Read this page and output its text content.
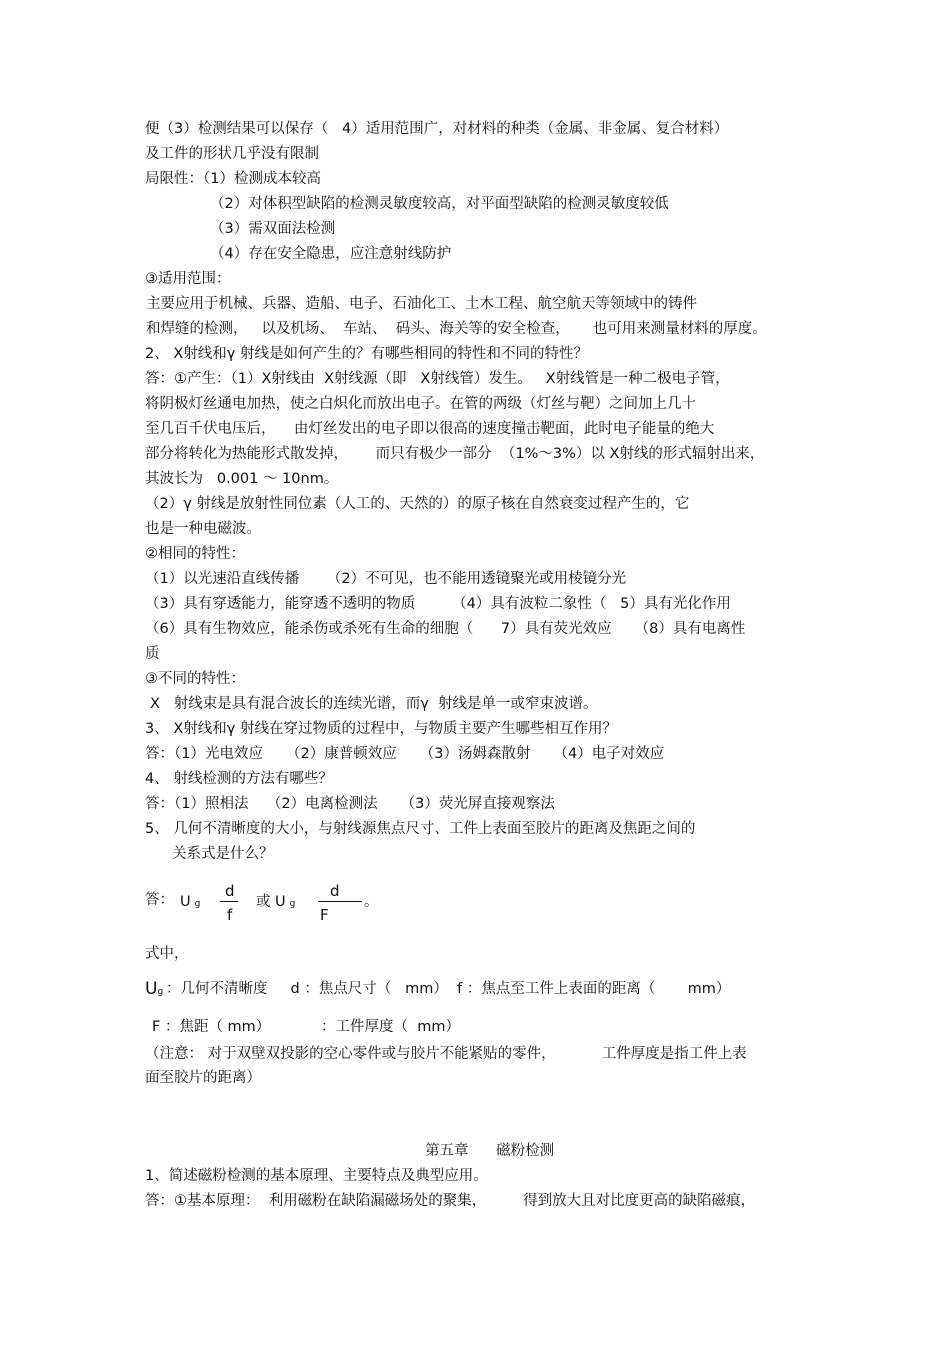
便（3）检测结果可以保存（   4）适用范围广，对材料的种类（金属、非金属、复合材料）
及工件的形状几乎没有限制
局限性：（1）检测成本较高
（2）对体积型缺陷的检测灵敏度较高，对平面型缺陷的检测灵敏度较低
（3）需双面法检测
（4）存在安全隐患，应注意射线防护
③适用范围：
主要应用于机械、兵器、造船、电子、石油化工、土木工程、航空航天等领域中的铸件
和焊缝的检测，   以及机场、  车站、  码头、海关等的安全检查，     也可用来测量材料的厚度。
2、 X射线和γ 射线是如何产生的？有哪些相同的特性和不同的特性？
答：①产生：（1）X射线由  X射线源（即   X射线管）发生。   X射线管是一种二极电子管，
将阴极灯丝通电加热，使之白炽化而放出电子。在管的两级（灯丝与靶）之间加上几十
至几百千伏电压后，    由灯丝发出的电子即以很高的速度撞击靶面，此时电子能量的绝大
部分将转化为热能形式散发掉，      而只有极少一部分  （1%～3%）以 X射线的形式辐射出来，
其波长为   0.001 ～ 10nm。
（2）γ 射线是放射性同位素（人工的、天然的）的原子核在自然衰变过程产生的，它
也是一种电磁波。
②相同的特性：
（1）以光速沿直线传播      （2）不可见，也不能用透镜聚光或用棱镜分光
（3）具有穿透能力，能穿透不透明的物质        （4）具有波粒二象性（   5）具有光化作用
（6）具有生物效应，能杀伤或杀死有生命的细胞（      7）具有荧光效应     （8）具有电离性
质
③不同的特性：
X   射线束是具有混合波长的连续光谱，而γ  射线是单一或窄束波谱。
3、 X射线和γ 射线在穿过物质的过程中，与物质主要产生哪些相互作用？
答：（1）光电效应     （2）康普顿效应     （3）汤姆森散射     （4）电子对效应
4、 射线检测的方法有哪些？
答：（1）照相法    （2）电离检测法     （3）荧光屏直接观察法
5、 几何不清晰度的大小，与射线源焦点尺寸、工件上表面至胶片的距离及焦距之间的
关系式是什么？
答： Ug
d
f
或 Ug
d
F
。
式中，
Ug ：几何不清晰度     d ：焦点尺寸（   mm）  f ：焦点至工件上表面的距离（       mm）
F ：焦距（ mm）           ：工件厚度（  mm）
（注意： 对于双壁双投影的空心零件或与胶片不能紧贴的零件，          工件厚度是指工件上表
面至胶片的距离）
第五章      磁粉检测
1、简述磁粉检测的基本原理、主要特点及典型应用。
答：①基本原理：  利用磁粉在缺陷漏磁场处的聚集，        得到放大且对比度更高的缺陷磁痕，
